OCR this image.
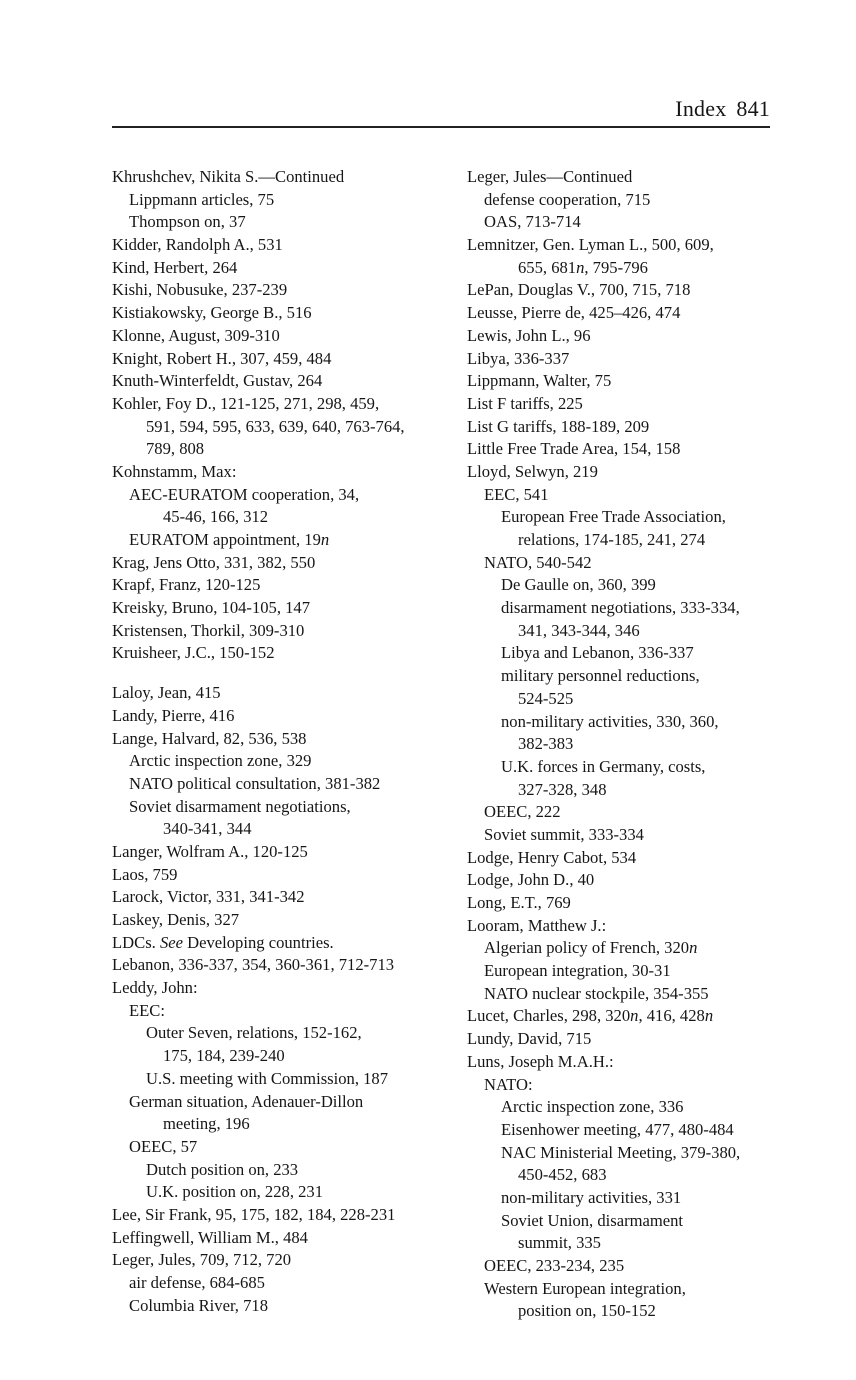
Index 841
Khrushchev, Nikita S.—Continued
Lippmann articles, 75
Thompson on, 37
Kidder, Randolph A., 531
Kind, Herbert, 264
Kishi, Nobusuke, 237-239
Kistiakowsky, George B., 516
Klonne, August, 309-310
Knight, Robert H., 307, 459, 484
Knuth-Winterfeldt, Gustav, 264
Kohler, Foy D., 121-125, 271, 298, 459,
591, 594, 595, 633, 639, 640, 763-764,
789, 808
Kohnstamm, Max:
AEC-EURATOM cooperation, 34,
45-46, 166, 312
EURATOM appointment, 19n
Krag, Jens Otto, 331, 382, 550
Krapf, Franz, 120-125
Kreisky, Bruno, 104-105, 147
Kristensen, Thorkil, 309-310
Kruisheer, J.C., 150-152
Laloy, Jean, 415
Landy, Pierre, 416
Lange, Halvard, 82, 536, 538
Arctic inspection zone, 329
NATO political consultation, 381-382
Soviet disarmament negotiations,
340-341, 344
Langer, Wolfram A., 120-125
Laos, 759
Larock, Victor, 331, 341-342
Laskey, Denis, 327
LDCs. See Developing countries.
Lebanon, 336-337, 354, 360-361, 712-713
Leddy, John:
EEC:
Outer Seven, relations, 152-162,
175, 184, 239-240
U.S. meeting with Commission, 187
German situation, Adenauer-Dillon
meeting, 196
OEEC, 57
Dutch position on, 233
U.K. position on, 228, 231
Lee, Sir Frank, 95, 175, 182, 184, 228-231
Leffingwell, William M., 484
Leger, Jules, 709, 712, 720
air defense, 684-685
Columbia River, 718
Leger, Jules—Continued
defense cooperation, 715
OAS, 713-714
Lemnitzer, Gen. Lyman L., 500, 609,
655, 681n, 795-796
LePan, Douglas V., 700, 715, 718
Leusse, Pierre de, 425–426, 474
Lewis, John L., 96
Libya, 336-337
Lippmann, Walter, 75
List F tariffs, 225
List G tariffs, 188-189, 209
Little Free Trade Area, 154, 158
Lloyd, Selwyn, 219
EEC, 541
European Free Trade Association,
relations, 174-185, 241, 274
NATO, 540-542
De Gaulle on, 360, 399
disarmament negotiations, 333-334,
341, 343-344, 346
Libya and Lebanon, 336-337
military personnel reductions,
524-525
non-military activities, 330, 360,
382-383
U.K. forces in Germany, costs,
327-328, 348
OEEC, 222
Soviet summit, 333-334
Lodge, Henry Cabot, 534
Lodge, John D., 40
Long, E.T., 769
Looram, Matthew J.:
Algerian policy of French, 320n
European integration, 30-31
NATO nuclear stockpile, 354-355
Lucet, Charles, 298, 320n, 416, 428n
Lundy, David, 715
Luns, Joseph M.A.H.:
NATO:
Arctic inspection zone, 336
Eisenhower meeting, 477, 480-484
NAC Ministerial Meeting, 379-380,
450-452, 683
non-military activities, 331
Soviet Union, disarmament
summit, 335
OEEC, 233-234, 235
Western European integration,
position on, 150-152
